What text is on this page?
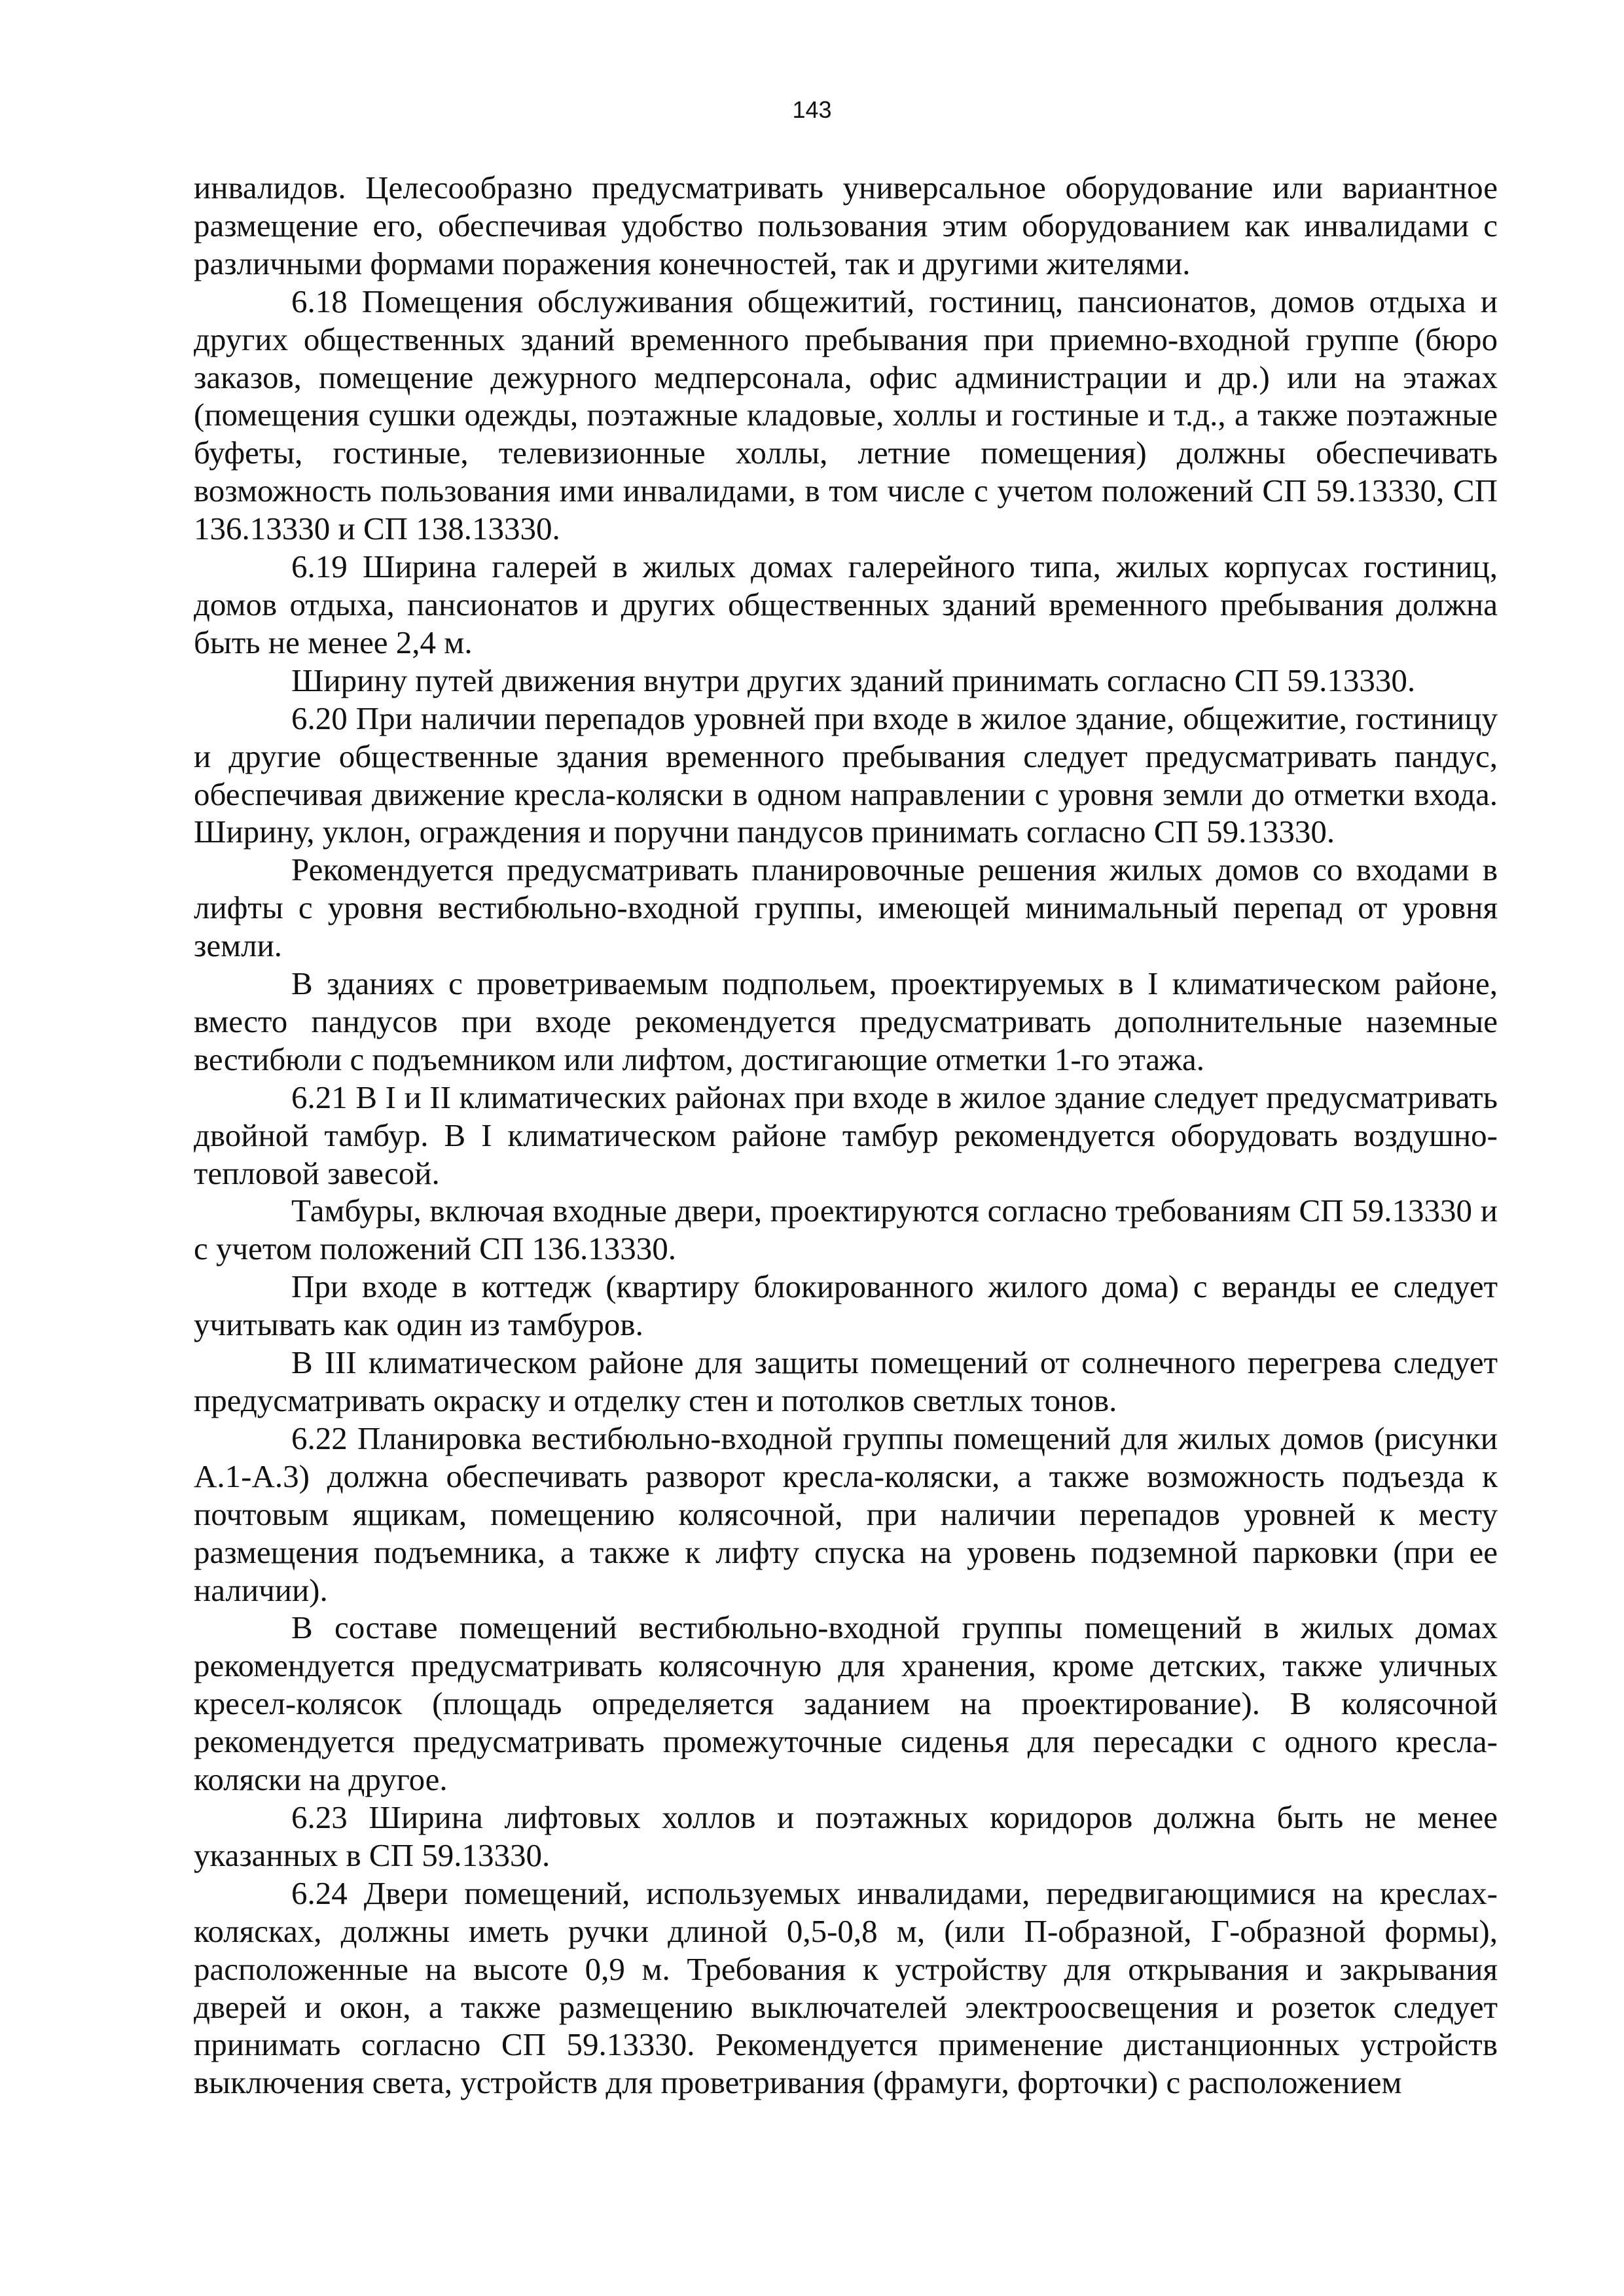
143

инвалидов. Целесообразно предусматривать универсальное оборудование или вариантное размещение его, обеспечивая удобство пользования этим оборудованием как инвалидами с различными формами поражения конечностей, так и другими жителями.

6.18 Помещения обслуживания общежитий, гостиниц, пансионатов, домов отдыха и других общественных зданий временного пребывания при приемно-входной группе (бюро заказов, помещение дежурного медперсонала, офис администрации и др.) или на этажах (помещения сушки одежды, поэтажные кладовые, холлы и гостиные и т.д., а также поэтажные буфеты, гостиные, телевизионные холлы, летние помещения) должны обеспечивать возможность пользования ими инвалидами, в том числе с учетом положений СП 59.13330, СП 136.13330 и СП 138.13330.

6.19 Ширина галерей в жилых домах галерейного типа, жилых корпусах гостиниц, домов отдыха, пансионатов и других общественных зданий временного пребывания должна быть не менее 2,4 м.

Ширину путей движения внутри других зданий принимать согласно СП 59.13330.

6.20 При наличии перепадов уровней при входе в жилое здание, общежитие, гостиницу и другие общественные здания временного пребывания следует предусматривать пандус, обеспечивая движение кресла-коляски в одном направлении с уровня земли до отметки входа. Ширину, уклон, ограждения и поручни пандусов принимать согласно СП 59.13330.

Рекомендуется предусматривать планировочные решения жилых домов со входами в лифты с уровня вестибюльно-входной группы, имеющей минимальный перепад от уровня земли.

В зданиях с проветриваемым подпольем, проектируемых в I климатическом районе, вместо пандусов при входе рекомендуется предусматривать дополнительные наземные вестибюли с подъемником или лифтом, достигающие отметки 1-го этажа.

6.21 В I и II климатических районах при входе в жилое здание следует предусматривать двойной тамбур. В I климатическом районе тамбур рекомендуется оборудовать воздушно-тепловой завесой.

Тамбуры, включая входные двери, проектируются согласно требованиям СП 59.13330 и с учетом положений СП 136.13330.

При входе в коттедж (квартиру блокированного жилого дома) с веранды ее следует учитывать как один из тамбуров.

В III климатическом районе для защиты помещений от солнечного перегрева следует предусматривать окраску и отделку стен и потолков светлых тонов.

6.22 Планировка вестибюльно-входной группы помещений для жилых домов (рисунки А.1-А.3) должна обеспечивать разворот кресла-коляски, а также возможность подъезда к почтовым ящикам, помещению колясочной, при наличии перепадов уровней к месту размещения подъемника, а также к лифту спуска на уровень подземной парковки (при ее наличии).

В составе помещений вестибюльно-входной группы помещений в жилых домах рекомендуется предусматривать колясочную для хранения, кроме детских, также уличных кресел-колясок (площадь определяется заданием на проектирование). В колясочной рекомендуется предусматривать промежуточные сиденья для пересадки с одного кресла-коляски на другое.

6.23 Ширина лифтовых холлов и поэтажных коридоров должна быть не менее указанных в СП 59.13330.

6.24 Двери помещений, используемых инвалидами, передвигающимися на креслах-колясках, должны иметь ручки длиной 0,5-0,8 м, (или П-образной, Г-образной формы), расположенные на высоте 0,9 м. Требования к устройству для открывания и закрывания дверей и окон, а также размещению выключателей электроосвещения и розеток следует принимать согласно СП 59.13330. Рекомендуется применение дистанционных устройств выключения света, устройств для проветривания (фрамуги, форточки) с расположением
